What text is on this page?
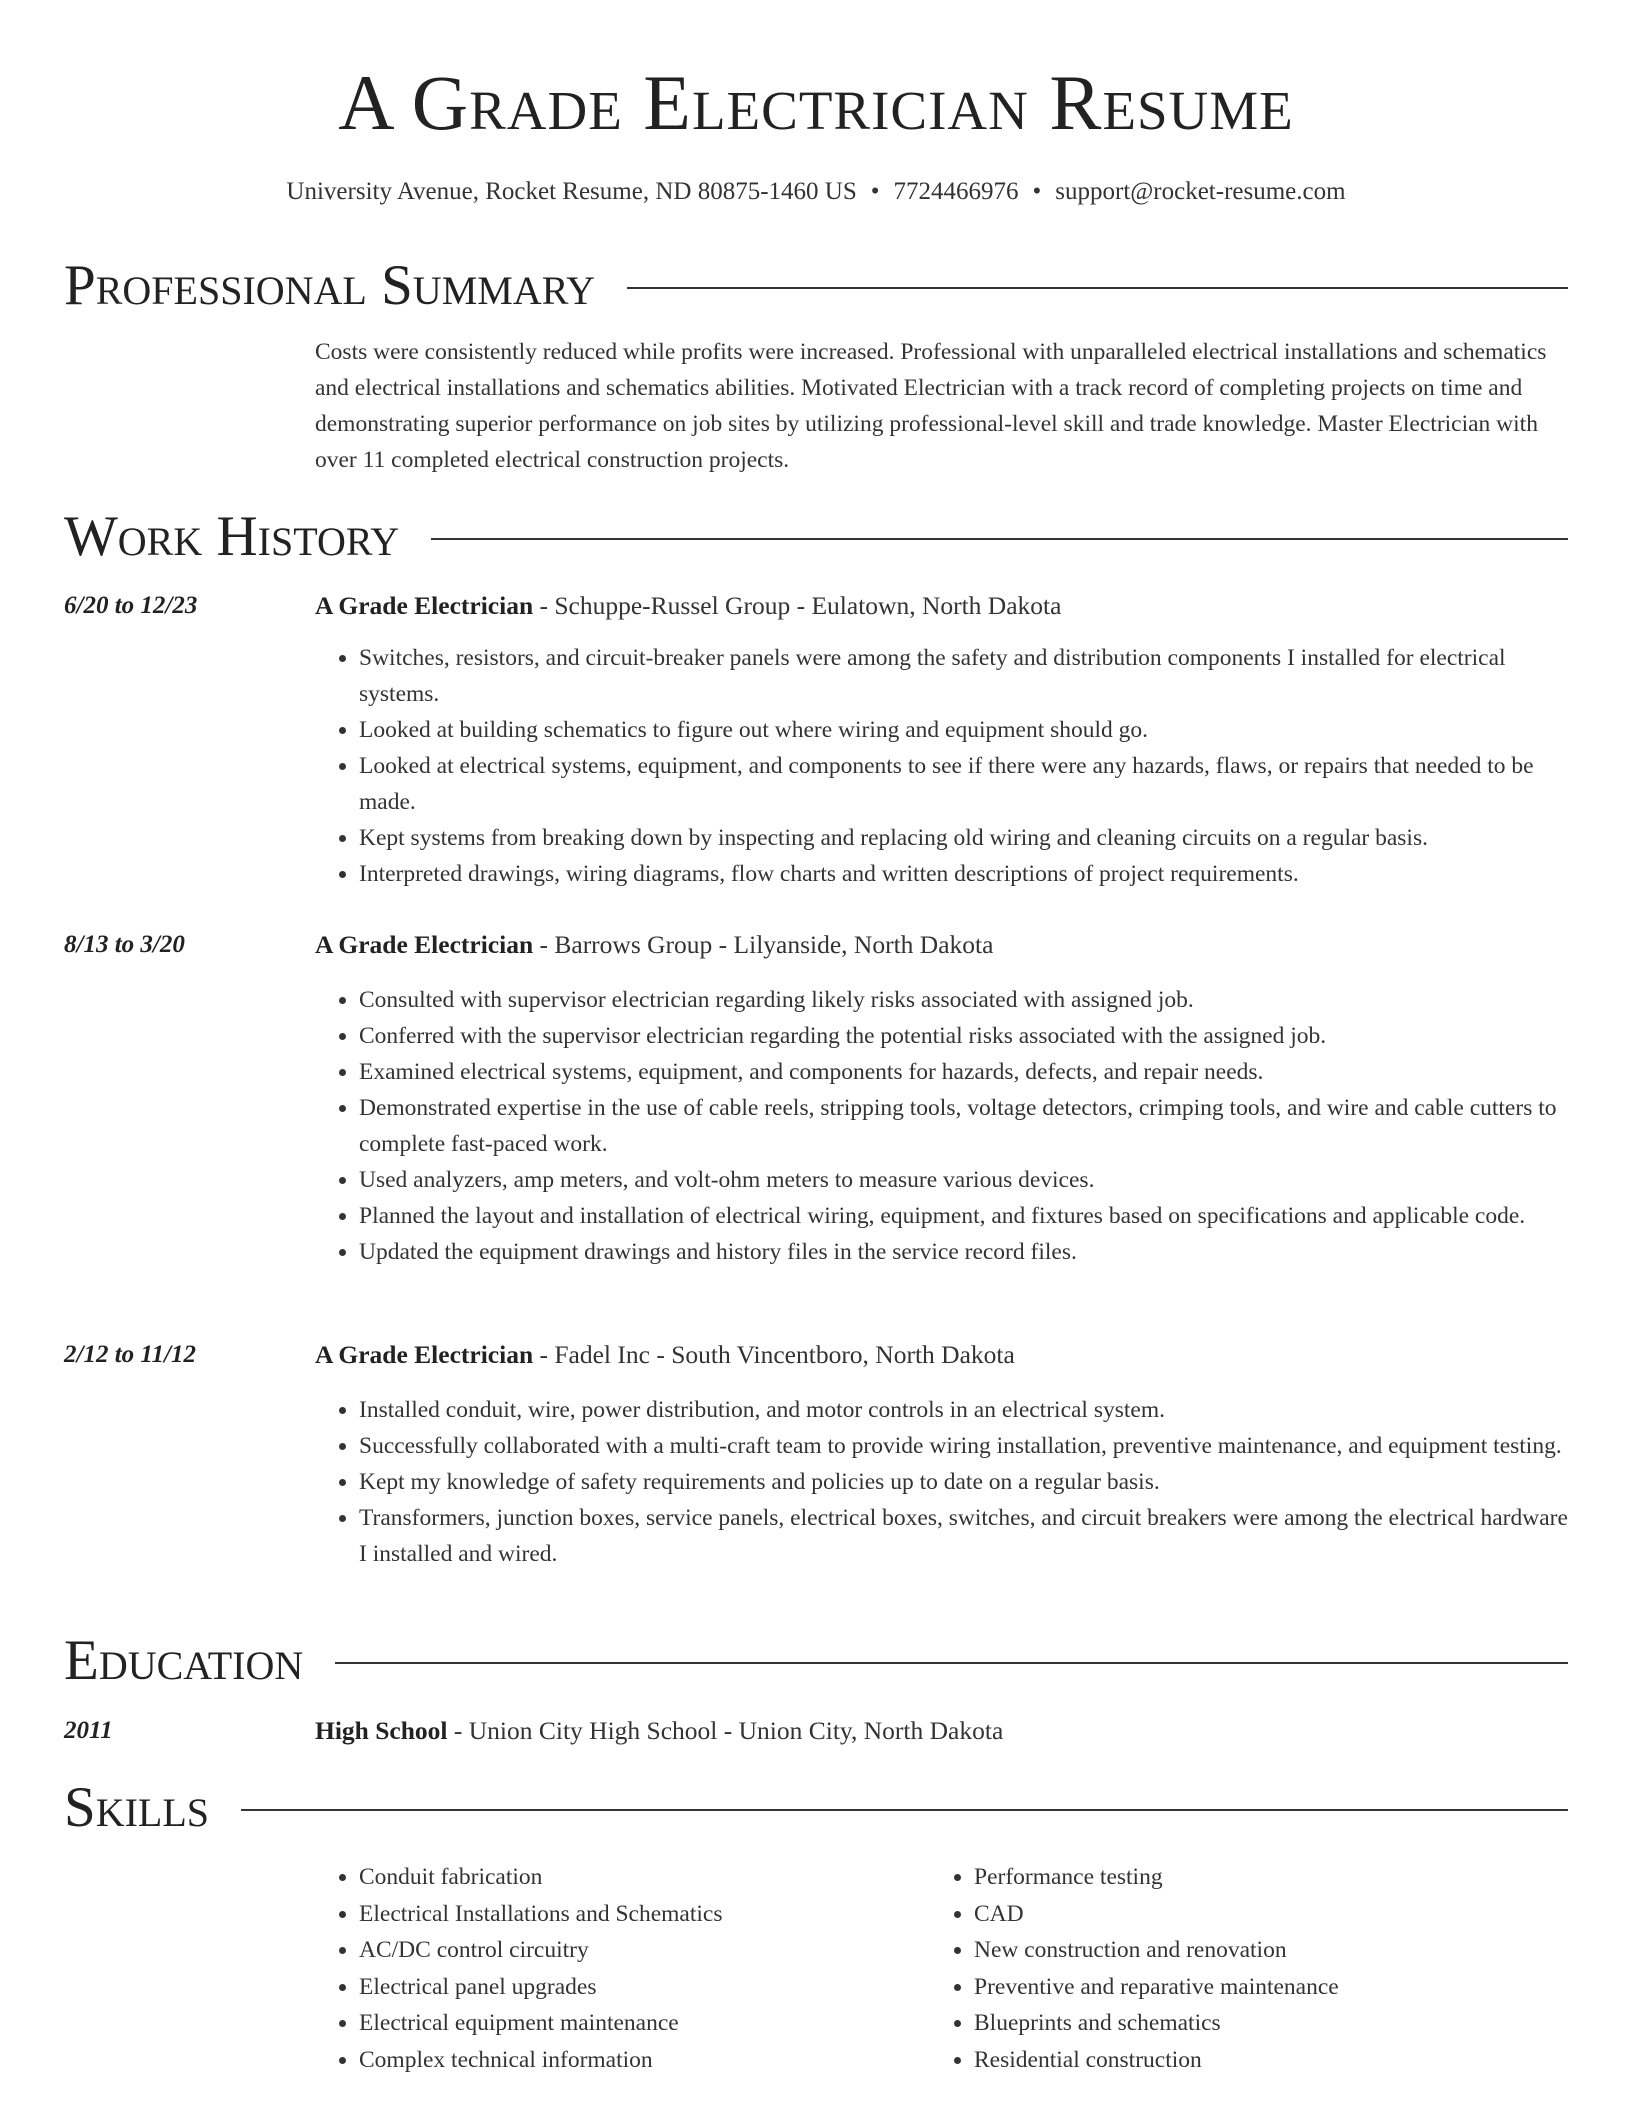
A Grade Electrician Resume
University Avenue, Rocket Resume, ND 80875-1460 US • 7724466976 • support@rocket-resume.com
Professional Summary
Costs were consistently reduced while profits were increased. Professional with unparalleled electrical installations and schematics and electrical installations and schematics abilities. Motivated Electrician with a track record of completing projects on time and demonstrating superior performance on job sites by utilizing professional-level skill and trade knowledge. Master Electrician with over 11 completed electrical construction projects.
Work History
6/20 to 12/23	A Grade Electrician - Schuppe-Russel Group - Eulatown, North Dakota
• Switches, resistors, and circuit-breaker panels were among the safety and distribution components I installed for electrical systems.
• Looked at building schematics to figure out where wiring and equipment should go.
• Looked at electrical systems, equipment, and components to see if there were any hazards, flaws, or repairs that needed to be made.
• Kept systems from breaking down by inspecting and replacing old wiring and cleaning circuits on a regular basis.
• Interpreted drawings, wiring diagrams, flow charts and written descriptions of project requirements.
8/13 to 3/20	A Grade Electrician - Barrows Group - Lilyanside, North Dakota
• Consulted with supervisor electrician regarding likely risks associated with assigned job.
• Conferred with the supervisor electrician regarding the potential risks associated with the assigned job.
• Examined electrical systems, equipment, and components for hazards, defects, and repair needs.
• Demonstrated expertise in the use of cable reels, stripping tools, voltage detectors, crimping tools, and wire and cable cutters to complete fast-paced work.
• Used analyzers, amp meters, and volt-ohm meters to measure various devices.
• Planned the layout and installation of electrical wiring, equipment, and fixtures based on specifications and applicable code.
• Updated the equipment drawings and history files in the service record files.
2/12 to 11/12	A Grade Electrician - Fadel Inc - South Vincentboro, North Dakota
• Installed conduit, wire, power distribution, and motor controls in an electrical system.
• Successfully collaborated with a multi-craft team to provide wiring installation, preventive maintenance, and equipment testing.
• Kept my knowledge of safety requirements and policies up to date on a regular basis.
• Transformers, junction boxes, service panels, electrical boxes, switches, and circuit breakers were among the electrical hardware I installed and wired.
Education
2011	High School - Union City High School - Union City, North Dakota
Skills
• Conduit fabrication
• Electrical Installations and Schematics
• AC/DC control circuitry
• Electrical panel upgrades
• Electrical equipment maintenance
• Complex technical information
• Performance testing
• CAD
• New construction and renovation
• Preventive and reparative maintenance
• Blueprints and schematics
• Residential construction
